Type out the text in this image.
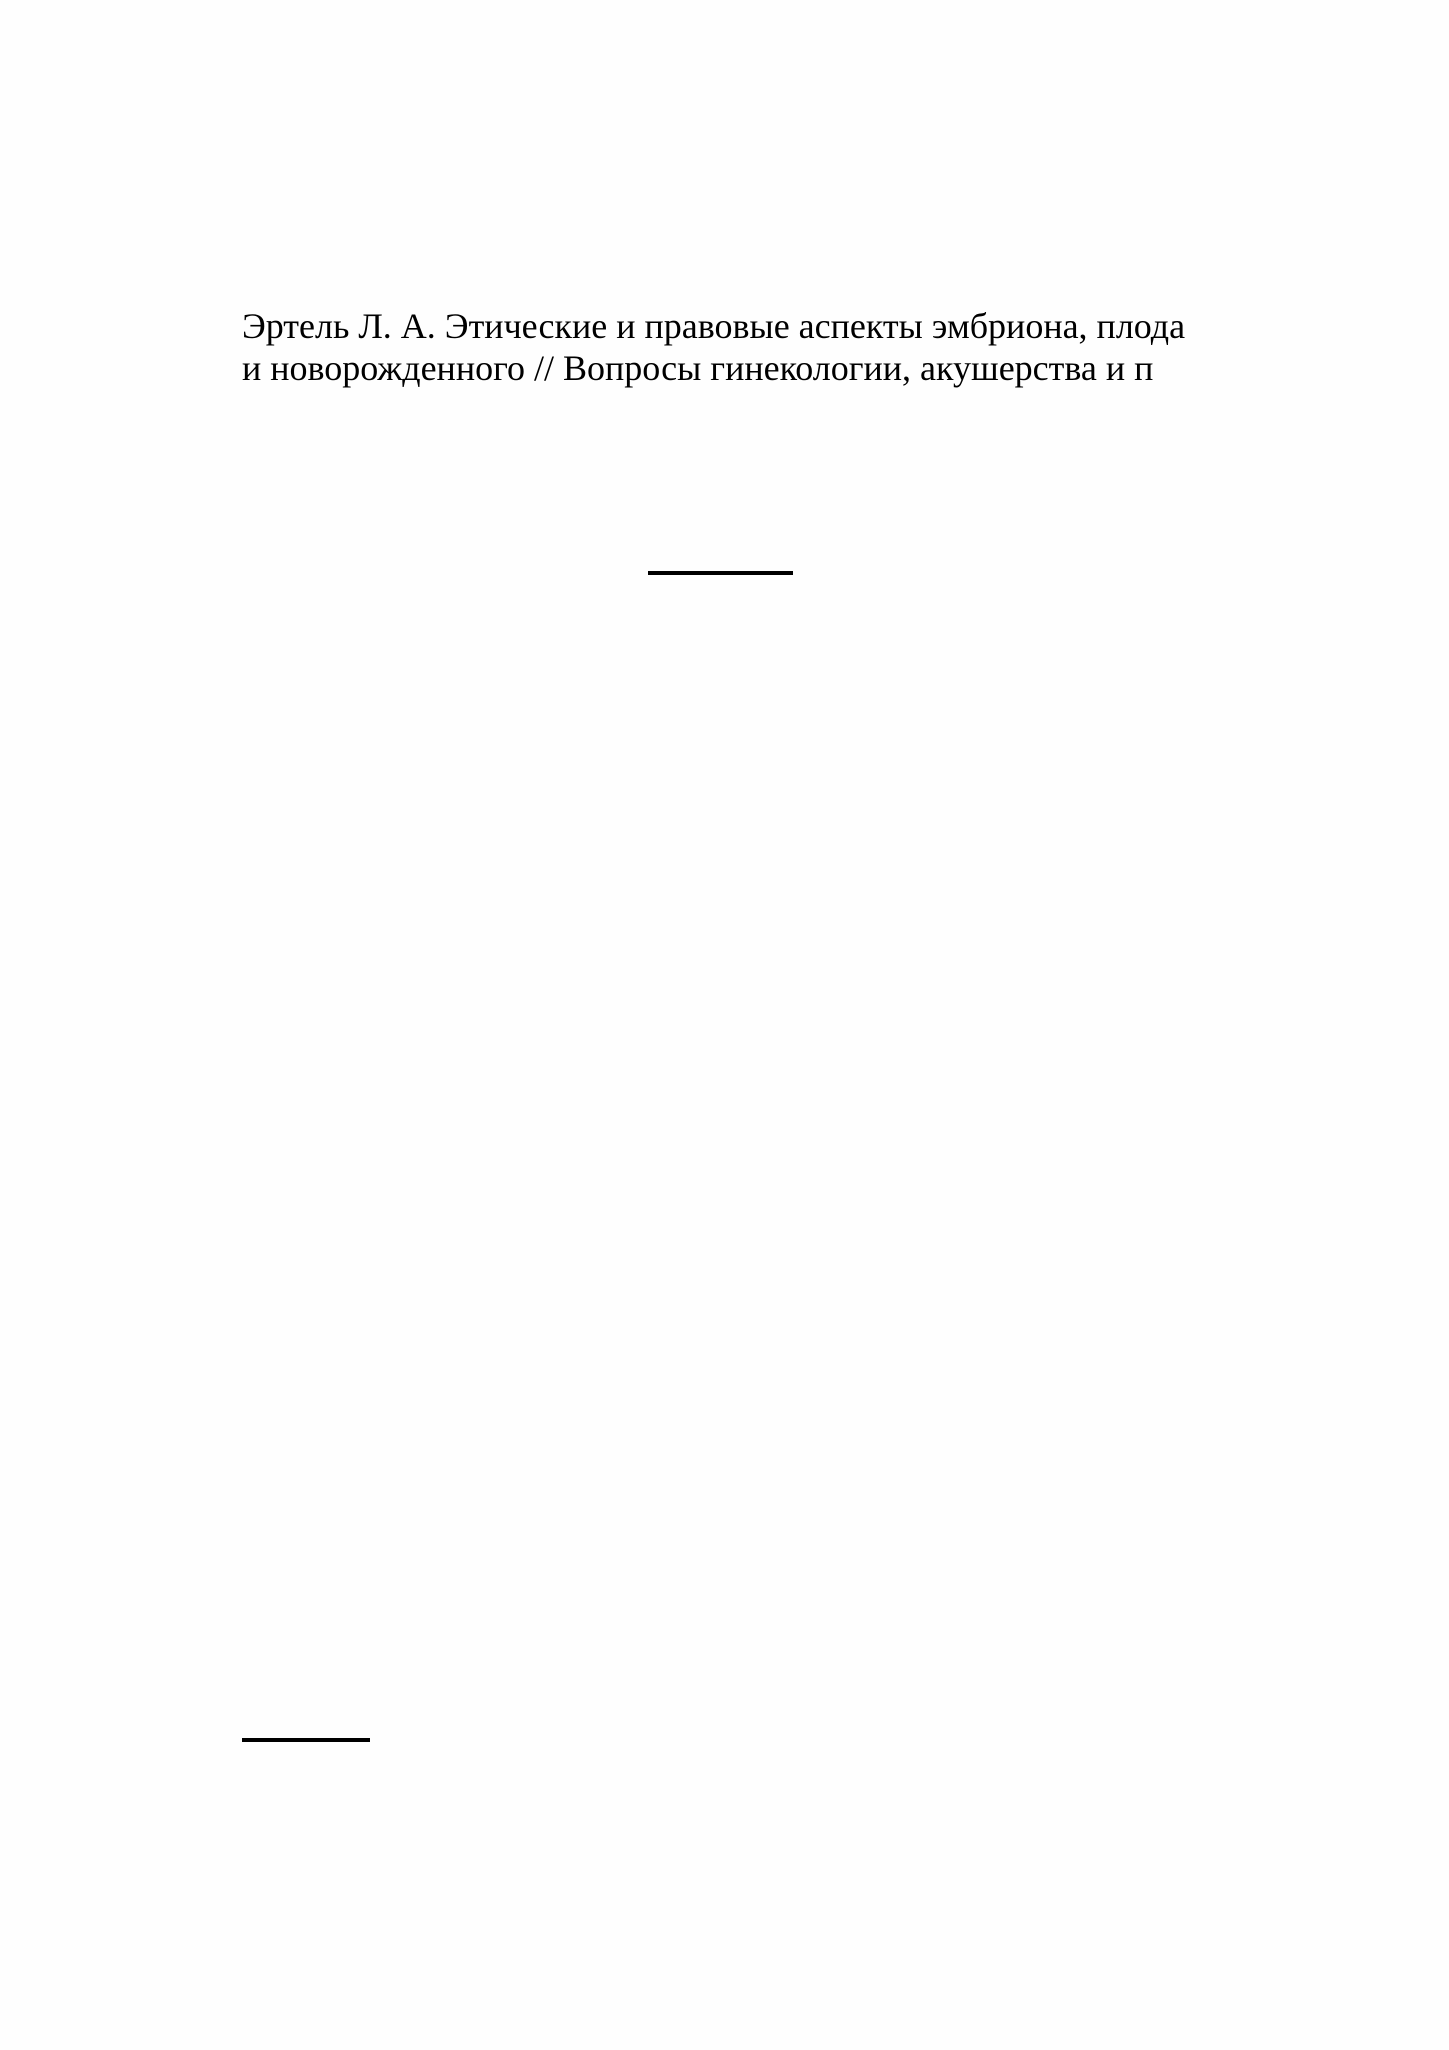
Эртель Л. А. Этические и правовые аспекты эмбриона, плода
и новорожденного // Вопросы гинекологии, акушерства и п
